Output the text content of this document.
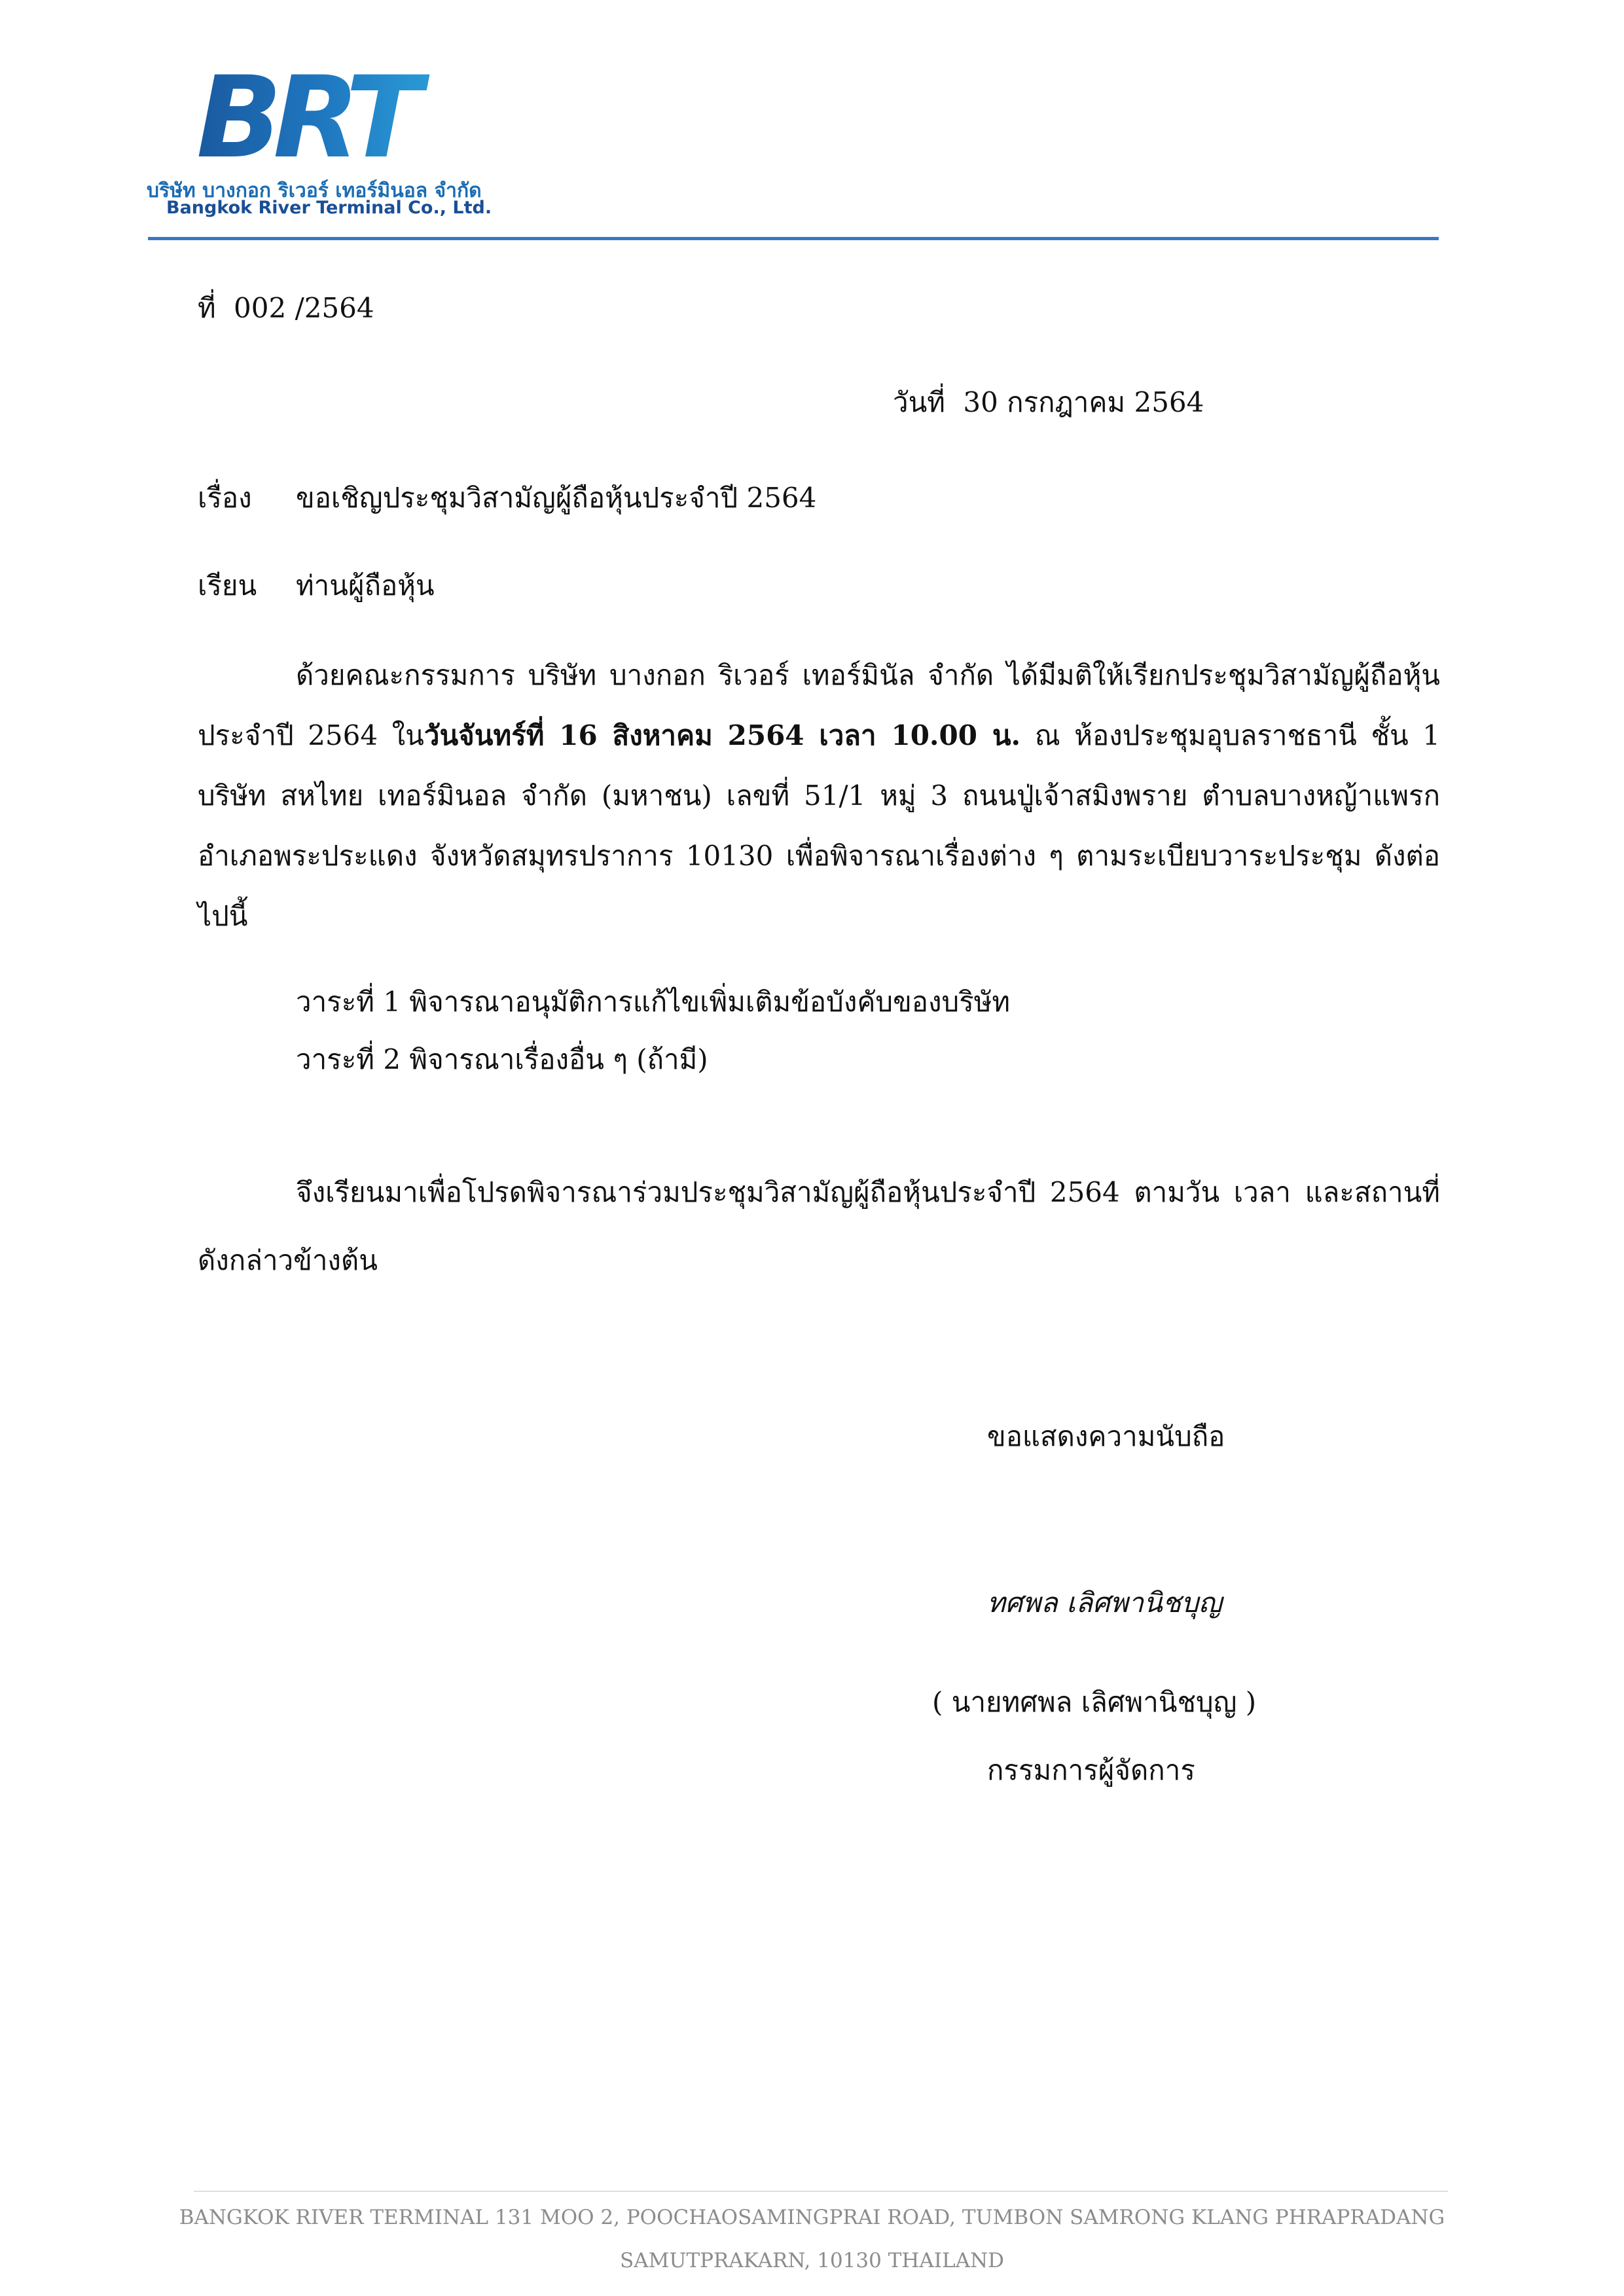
BRT
บริษัท บางกอก ริเวอร์ เทอร์มินอล จำกัด
Bangkok River Terminal Co., Ltd.
ที่ 002 /2564
วันที่ 30 กรกฎาคม 2564
เรื่อง ขอเชิญประชุมวิสามัญผู้ถือหุ้นประจำปี 2564
เรียน ท่านผู้ถือหุ้น
ด้วยคณะกรรมการ บริษัท บางกอก ริเวอร์ เทอร์มินัล จำกัด ได้มีมติให้เรียกประชุมวิสามัญผู้ถือหุ้นประจำปี 2564 ในวันจันทร์ที่ 16 สิงหาคม 2564 เวลา 10.00 น. ณ ห้องประชุมอุบลราชธานี ชั้น 1 บริษัท สหไทย เทอร์มินอล จำกัด (มหาชน) เลขที่ 51/1 หมู่ 3 ถนนปู่เจ้าสมิงพราย ตำบลบางหญ้าแพรก อำเภอพระประแดง จังหวัดสมุทรปราการ 10130 เพื่อพิจารณาเรื่องต่าง ๆ ตามระเบียบวาระประชุม ดังต่อไปนี้
วาระที่ 1 พิจารณาอนุมัติการแก้ไขเพิ่มเติมข้อบังคับของบริษัท
วาระที่ 2 พิจารณาเรื่องอื่น ๆ (ถ้ามี)
จึงเรียนมาเพื่อโปรดพิจารณาร่วมประชุมวิสามัญผู้ถือหุ้นประจำปี 2564 ตามวัน เวลา และสถานที่ดังกล่าวข้างต้น
ขอแสดงความนับถือ
ทศพล เลิศพานิชบุญ
( นายทศพล เลิศพานิชบุญ )
กรรมการผู้จัดการ
BANGKOK RIVER TERMINAL 131 MOO 2, POOCHAOSAMINGPRAI ROAD, TUMBON SAMRONG KLANG PHRAPRADANG
SAMUTPRAKARN, 10130 THAILAND
